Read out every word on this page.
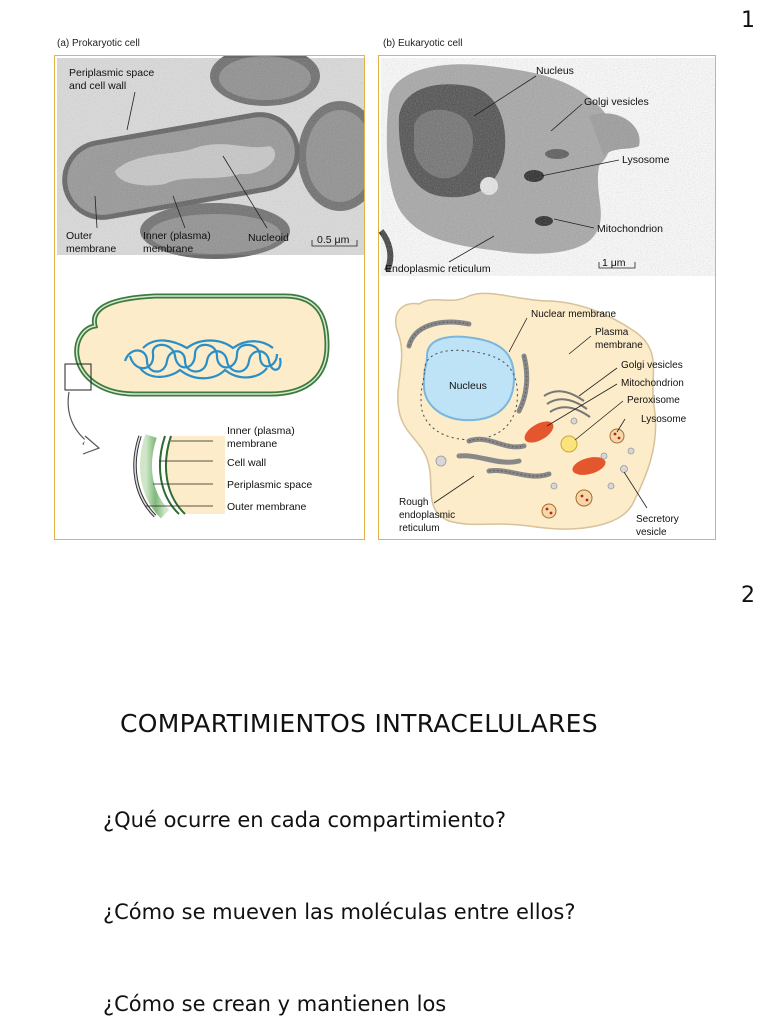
1
2
(a) Prokaryotic cell	(b) Eukaryotic cell
Periplasmic space
and cell wall
Outer
membrane
Inner (plasma)
membrane
Nucleoid	0.5 μm
Inner (plasma)
membrane
Cell wall
Periplasmic space
Outer membrane
Nucleus
Golgi vesicles
Lysosome
Mitochondrion
Endoplasmic reticulum	1 μm
Nucleus
Nuclear membrane
Plasma
membrane
Golgi vesicles
Mitochondrion
Peroxisome
Lysosome
Rough
endoplasmic
reticulum
Secretory
vesicle
COMPARTIMIENTOS INTRACELULARES
¿Qué ocurre en cada compartimiento?
¿Cómo se mueven las moléculas entre ellos?
¿Cómo se crean y mantienen los
